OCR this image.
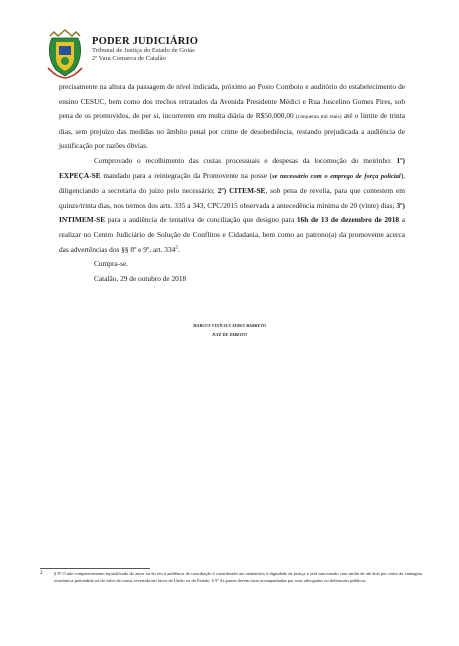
PODER JUDICIÁRIO
Tribunal de Justiça do Estado de Goiás
2ª Vara Comarca de Catalão

precisamente na altura da passagem de nível indicada, próximo ao Posto Comboio e auditório do estabelecimento de ensino CESUC, bem como dos trechos retratados da Avenida Presidente Médici e Rua Juscelino Gomes Pires, sob pena de os promovidos, de per si, incorrerem em multa diária de R$50.000,00 (cinquenta mil reais) até o limite de trinta dias, sem prejuízo das medidas no âmbito penal por crime de desobediência, restando prejudicada a audiência de justificação por razões óbvias.

Comprovado o recolhimento das custas processuais e despesas da locomoção do meirinho: 1º) EXPEÇA-SE mandado para a reintegração da Promovente na posse (se necessário com o emprego de força policial), diligenciando a secretaria do juizo pelo necessário; 2º) CITEM-SE, sob pena de revelia, para que contestem em quinze/trinta dias, nos termos dos arts. 335 a 343, CPC/2015 observada a antecedência mínima de 20 (vinte) dias; 3º) INTIMEM-SE para a audiência de tentativa de conciliação que designo para 16h de 13 de dezembro de 2018 a realizar no Centro Judiciário de Solução de Conflitos e Cidadania, bem como ao patrono(a) da promovente acerca das advertências dos §§ 8º e 9º, art. $334^2$.

Cumpra-se.

Catalão, 29 de outubro de 2018

MARCUS VINÍCIUS AYRES BARRETO
JUIZ DE DIREITO
2	§ 8º O não comparecimento injustificado do autor ou do réu à audiência de conciliação é considerado ato atentatório à dignidade da justiça e será sancionado com multa de até dois por cento da vantagem econômica pretendida ou do valor da causa, revertida em favor da União ou do Estado. § 9º As partes devem estar acompanhadas por seus advogados ou defensores públicos.
